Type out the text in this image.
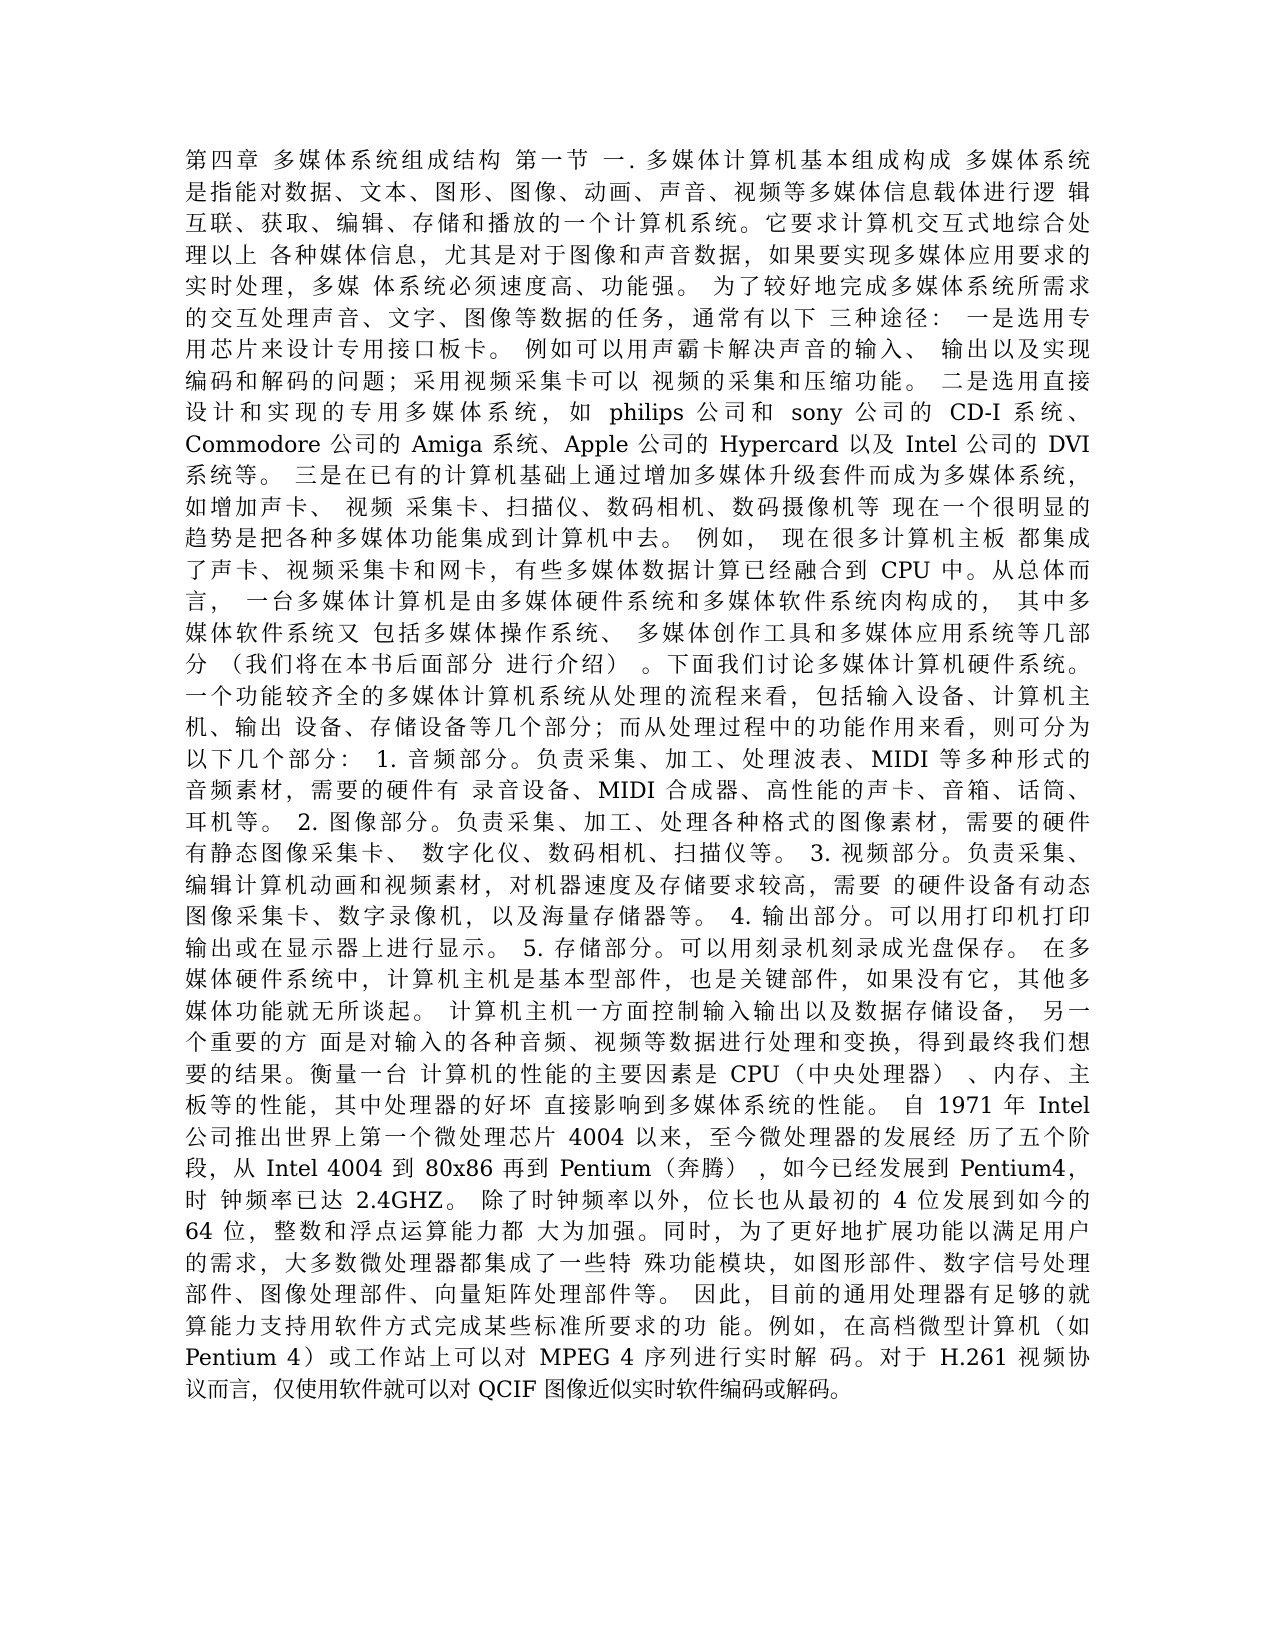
第四章 多媒体系统组成结构 第一节 一. 多媒体计算机基本组成构成 多媒体系统
是指能对数据、文本、图形、图像、动画、声音、视频等多媒体信息载体进行逻 辑
互联、获取、编辑、存储和播放的一个计算机系统。它要求计算机交互式地综合处
理以上 各种媒体信息，尤其是对于图像和声音数据，如果要实现多媒体应用要求的
实时处理，多媒 体系统必须速度高、功能强。 为了较好地完成多媒体系统所需求
的交互处理声音、文字、图像等数据的任务，通常有以下 三种途径： 一是选用专
用芯片来设计专用接口板卡。 例如可以用声霸卡解决声音的输入、 输出以及实现
编码和解码的问题；采用视频采集卡可以 视频的采集和压缩功能。 二是选用直接
设计和实现的专用多媒体系统，如 philips 公司和 sony 公司的 CD-I 系统、
Commodore 公司的 Amiga 系统、Apple 公司的 Hypercard 以及 Intel 公司的 DVI
系统等。 三是在已有的计算机基础上通过增加多媒体升级套件而成为多媒体系统，
如增加声卡、 视频 采集卡、扫描仪、数码相机、数码摄像机等 现在一个很明显的
趋势是把各种多媒体功能集成到计算机中去。 例如， 现在很多计算机主板 都集成
了声卡、视频采集卡和网卡，有些多媒体数据计算已经融合到 CPU 中。从总体而
言， 一台多媒体计算机是由多媒体硬件系统和多媒体软件系统肉构成的， 其中多
媒体软件系统又 包括多媒体操作系统、 多媒体创作工具和多媒体应用系统等几部
分 （我们将在本书后面部分 进行介绍） 。下面我们讨论多媒体计算机硬件系统。
一个功能较齐全的多媒体计算机系统从处理的流程来看，包括输入设备、计算机主
机、输出 设备、存储设备等几个部分；而从处理过程中的功能作用来看，则可分为
以下几个部分： 1. 音频部分。负责采集、加工、处理波表、MIDI 等多种形式的
音频素材，需要的硬件有 录音设备、MIDI 合成器、高性能的声卡、音箱、话筒、
耳机等。 2. 图像部分。负责采集、加工、处理各种格式的图像素材，需要的硬件
有静态图像采集卡、 数字化仪、数码相机、扫描仪等。 3. 视频部分。负责采集、
编辑计算机动画和视频素材，对机器速度及存储要求较高，需要 的硬件设备有动态
图像采集卡、数字录像机，以及海量存储器等。 4. 输出部分。可以用打印机打印
输出或在显示器上进行显示。 5. 存储部分。可以用刻录机刻录成光盘保存。 在多
媒体硬件系统中，计算机主机是基本型部件，也是关键部件，如果没有它，其他多
媒体功能就无所谈起。 计算机主机一方面控制输入输出以及数据存储设备， 另一
个重要的方 面是对输入的各种音频、视频等数据进行处理和变换，得到最终我们想
要的结果。衡量一台 计算机的性能的主要因素是 CPU（中央处理器） 、内存、主
板等的性能，其中处理器的好坏 直接影响到多媒体系统的性能。 自 1971 年 Intel
公司推出世界上第一个微处理芯片 4004 以来，至今微处理器的发展经 历了五个阶
段，从 Intel 4004 到 80x86 再到 Pentium（奔腾） ，如今已经发展到 Pentium4，
时 钟频率已达 2.4GHZ。 除了时钟频率以外，位长也从最初的 4 位发展到如今的
64 位，整数和浮点运算能力都 大为加强。同时，为了更好地扩展功能以满足用户
的需求，大多数微处理器都集成了一些特 殊功能模块，如图形部件、数字信号处理
部件、图像处理部件、向量矩阵处理部件等。 因此，目前的通用处理器有足够的就
算能力支持用软件方式完成某些标准所要求的功 能。例如，在高档微型计算机（如
Pentium 4）或工作站上可以对 MPEG 4 序列进行实时解 码。对于 H.261 视频协
议而言，仅使用软件就可以对 QCIF 图像近似实时软件编码或解码。
